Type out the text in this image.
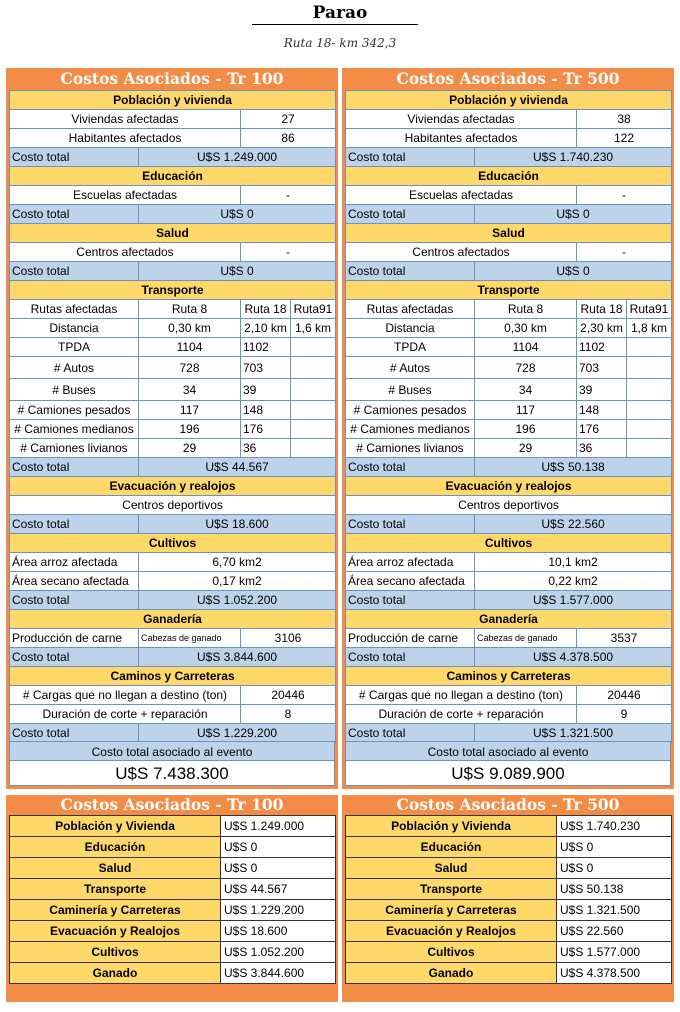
Parao
Ruta 18- km 342,3
Costos Asociados - Tr 100
Población y vivienda			
Viviendas afectadas		27	
Habitantes afectados		86	
Costo total	U$S 1.249.000		
Educación			
Escuelas afectadas		-	
Costo total	U$S 0		
Salud			
Centros afectados		-	
Costo total	U$S 0		
Transporte			
Rutas afectadas	Ruta 8	Ruta 18	Ruta91
Distancia	0,30 km	2,10 km	1,6 km
TPDA	1104	1102	
# Autos	728	703	
# Buses	34	39	
# Camiones pesados	117	148	
# Camiones medianos	196	176	
# Camiones livianos	29	36	
Costo total	U$S 44.567		
Evacuación y realojos			
Centros deportivos			
Costo total	U$S 18.600		
Cultivos			
Área arroz afectada	6,70 km2		
Área secano afectada	0,17 km2		
Costo total	U$S 1.052.200		
Ganadería			
Producción de carne	Cabezas de ganado	3106	
Costo total	U$S 3.844.600		
Caminos y Carreteras			
# Cargas que no llegan a destino (ton)		20446	
Duración de corte + reparación		8	
Costo total	U$S 1.229.200		
Costo total asociado al evento
U$S 7.438.300
Costos Asociados - Tr 500
Población y vivienda			
Viviendas afectadas		38	
Habitantes afectados		122	
Costo total	U$S 1.740.230		
Educación			
Escuelas afectadas		-	
Costo total	U$S 0		
Salud			
Centros afectados		-	
Costo total	U$S 0		
Transporte			
Rutas afectadas	Ruta 8	Ruta 18	Ruta91
Distancia	0,30 km	2,30 km	1,8 km
TPDA	1104	1102	
# Autos	728	703	
# Buses	34	39	
# Camiones pesados	117	148	
# Camiones medianos	196	176	
# Camiones livianos	29	36	
Costo total	U$S 50.138		
Evacuación y realojos			
Centros deportivos			
Costo total	U$S 22.560		
Cultivos			
Área arroz afectada	10,1 km2		
Área secano afectada	0,22 km2		
Costo total	U$S 1.577.000		
Ganadería			
Producción de carne	Cabezas de ganado	3537	
Costo total	U$S 4.378.500		
Caminos y Carreteras			
# Cargas que no llegan a destino (ton)		20446	
Duración de corte + reparación		9	
Costo total	U$S 1.321.500		
Costo total asociado al evento
U$S 9.089.900
Costos Asociados - Tr 100
Población y Vivienda	U$S 1.249.000
Educación	U$S 0
Salud	U$S 0
Transporte	U$S 44.567
Caminería y Carreteras	U$S 1.229.200
Evacuación y Realojos	U$S 18.600
Cultivos	U$S 1.052.200
Ganado	U$S 3.844.600
Costos Asociados - Tr 500
Población y Vivienda	U$S 1.740.230
Educación	U$S 0
Salud	U$S 0
Transporte	U$S 50.138
Caminería y Carreteras	U$S 1.321.500
Evacuación y Realojos	U$S 22.560
Cultivos	U$S 1.577.000
Ganado	U$S 4.378.500
